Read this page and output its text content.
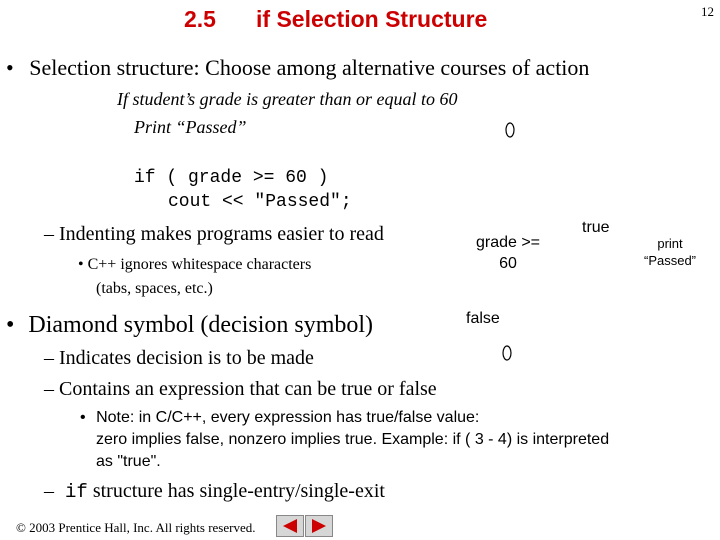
2.5 if Selection Structure	12
• Selection structure: Choose among alternative courses of action
If student’s grade is greater than or equal to 60
Print “Passed”
if ( grade >= 60 )
cout << "Passed";
– Indenting makes programs easier to read
• C++ ignores whitespace characters
(tabs, spaces, etc.)
• Diamond symbol (decision symbol)
– Indicates decision is to be made
– Contains an expression that can be true or false
• Note: in C/C++, every expression has true/false value:
zero implies false, nonzero implies true. Example: if ( 3 - 4) is interpreted
as "true".
– if structure has single-entry/single-exit
grade >=
60
true
false
print
“Passed”
© 2003 Prentice Hall, Inc. All rights reserved.
